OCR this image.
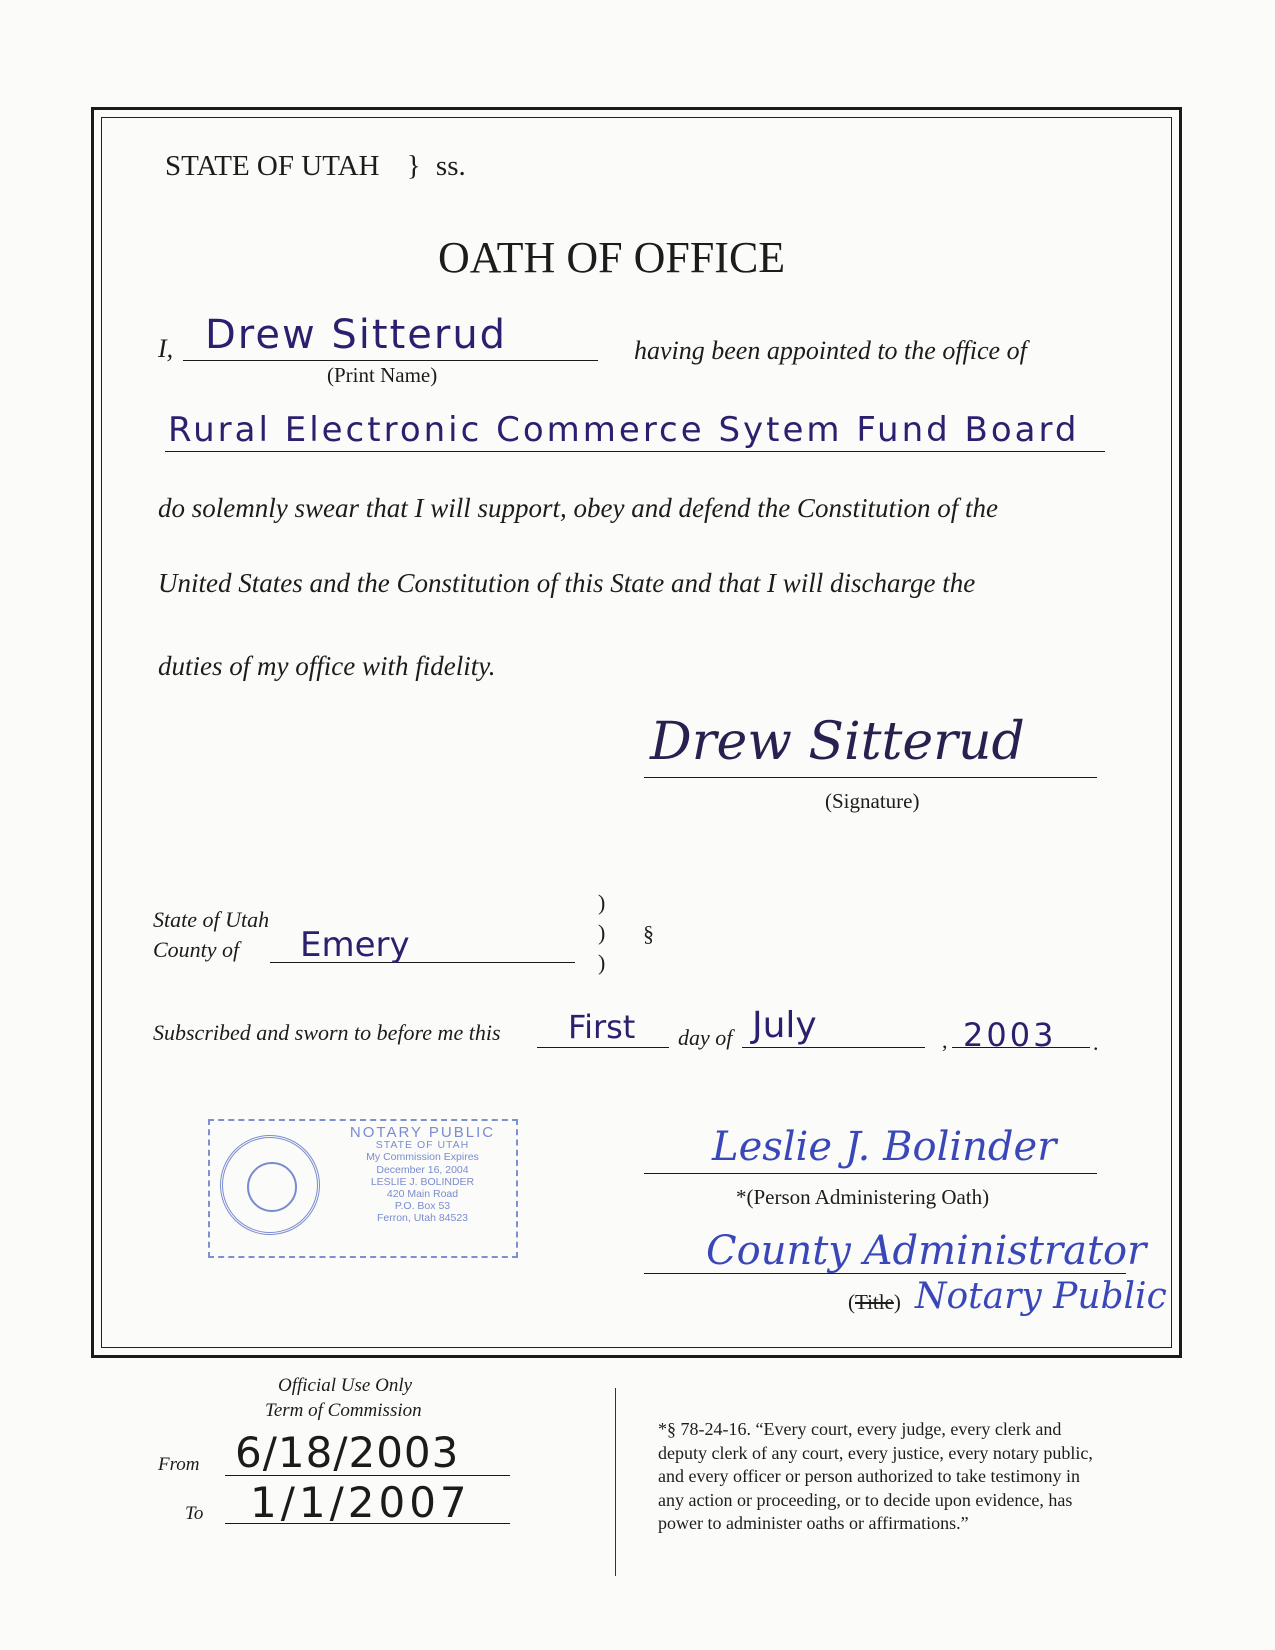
STATE OF UTAH } ss.
OATH OF OFFICE
I, Drew Sitterud
(Print Name)
having been appointed to the office of
Rural Electronic Commerce Sytem Fund Board
do solemnly swear that I will support, obey and defend the Constitution of the
United States and the Constitution of this State and that I will discharge the
duties of my office with fidelity.
Drew Sitterud
(Signature)
State of Utah
County of Emery
)
)
)
§
Subscribed and sworn to before me this First day of July	, 2003 .
NOTARY PUBLIC
STATE OF UTAH
My Commission Expires
December 16, 2004
LESLIE J. BOLINDER
420 Main Road
P.O. Box 53
Ferron, Utah 84523
Leslie J. Bolinder
*(Person Administering Oath)
County Administrator
(Title) Notary Public
Official Use Only
Term of Commission
From 6/18/2003
To 1/1/2007
*§ 78-24-16. “Every court, every judge, every clerk and
deputy clerk of any court, every justice, every notary public,
and every officer or person authorized to take testimony in
any action or proceeding, or to decide upon evidence, has
power to administer oaths or affirmations.”
